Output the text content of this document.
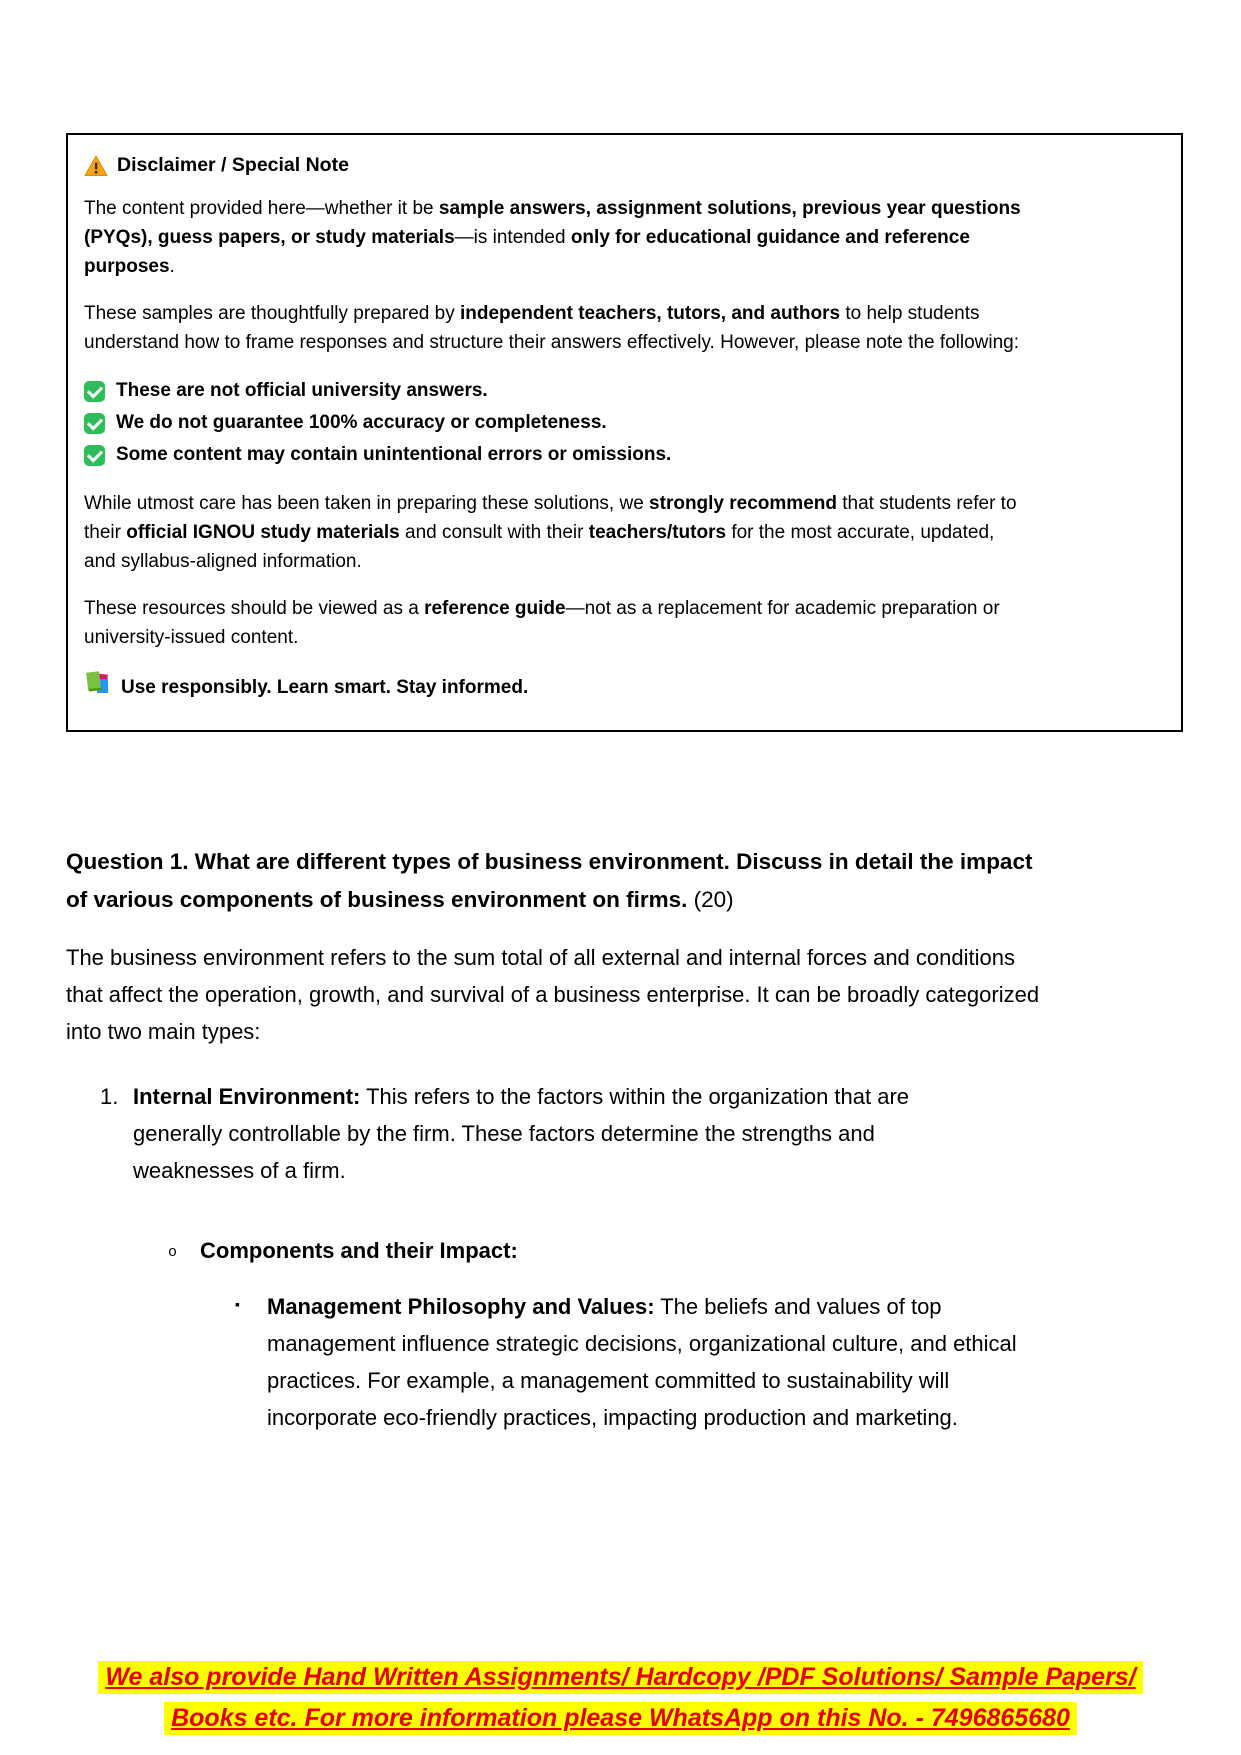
Disclaimer / Special Note

The content provided here—whether it be sample answers, assignment solutions, previous year questions (PYQs), guess papers, or study materials—is intended only for educational guidance and reference purposes.

These samples are thoughtfully prepared by independent teachers, tutors, and authors to help students understand how to frame responses and structure their answers effectively. However, please note the following:

These are not official university answers.
We do not guarantee 100% accuracy or completeness.
Some content may contain unintentional errors or omissions.

While utmost care has been taken in preparing these solutions, we strongly recommend that students refer to their official IGNOU study materials and consult with their teachers/tutors for the most accurate, updated, and syllabus-aligned information.

These resources should be viewed as a reference guide—not as a replacement for academic preparation or university-issued content.

Use responsibly. Learn smart. Stay informed.
Question 1. What are different types of business environment. Discuss in detail the impact of various components of business environment on firms. (20)

The business environment refers to the sum total of all external and internal forces and conditions that affect the operation, growth, and survival of a business enterprise. It can be broadly categorized into two main types:

1. Internal Environment: This refers to the factors within the organization that are generally controllable by the firm. These factors determine the strengths and weaknesses of a firm.
o Components and their Impact:
▪ Management Philosophy and Values: The beliefs and values of top management influence strategic decisions, organizational culture, and ethical practices. For example, a management committed to sustainability will incorporate eco-friendly practices, impacting production and marketing.
We also provide Hand Written Assignments/ Hardcopy /PDF Solutions/ Sample Papers/
Books etc. For more information please WhatsApp on this No. - 7496865680
